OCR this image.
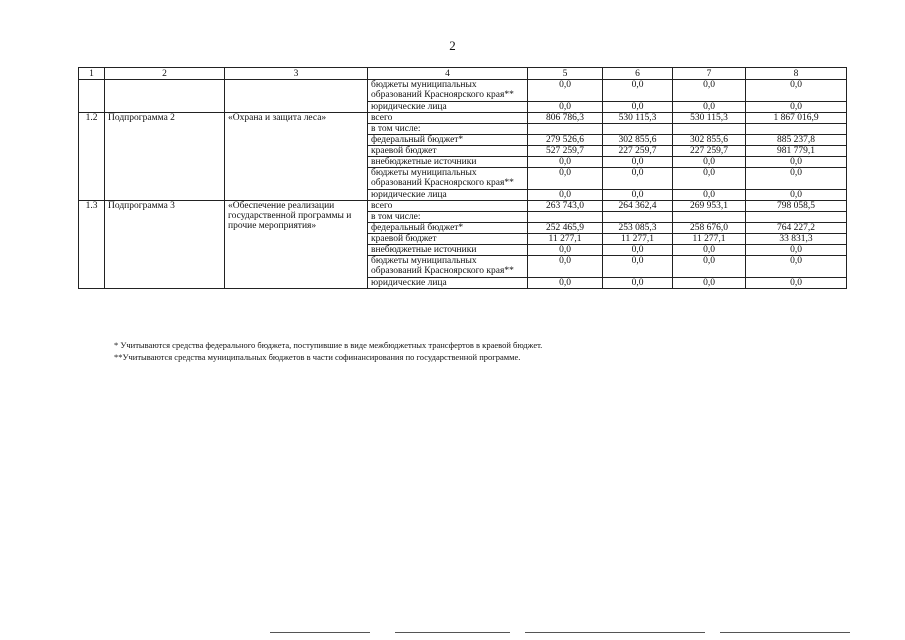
2
1	2	3	4	5	6	7	8
			бюджеты муниципальных образований Красноярского края**	0,0	0,0	0,0	0,0
			юридические лица	0,0	0,0	0,0	0,0
1.2	Подпрограмма 2	«Охрана и защита леса»	всего	806 786,3	530 115,3	530 115,3	1 867 016,9
			в том числе:				
			федеральный бюджет*	279 526,6	302 855,6	302 855,6	885 237,8
			краевой бюджет	527 259,7	227 259,7	227 259,7	981 779,1
			внебюджетные источники	0,0	0,0	0,0	0,0
			бюджеты муниципальных образований Красноярского края**	0,0	0,0	0,0	0,0
			юридические лица	0,0	0,0	0,0	0,0
1.3	Подпрограмма 3	«Обеспечение реализации государственной программы и прочие мероприятия»	всего	263 743,0	264 362,4	269 953,1	798 058,5
			в том числе:				
			федеральный бюджет*	252 465,9	253 085,3	258 676,0	764 227,2
			краевой бюджет	11 277,1	11 277,1	11 277,1	33 831,3
			внебюджетные источники	0,0	0,0	0,0	0,0
			бюджеты муниципальных образований Красноярского края**	0,0	0,0	0,0	0,0
			юридические лица	0,0	0,0	0,0	0,0
* Учитываются средства федерального бюджета, поступившие в виде межбюджетных трансфертов в краевой бюджет.
**Учитываются средства муниципальных бюджетов в части софинансирования по государственной программе.
